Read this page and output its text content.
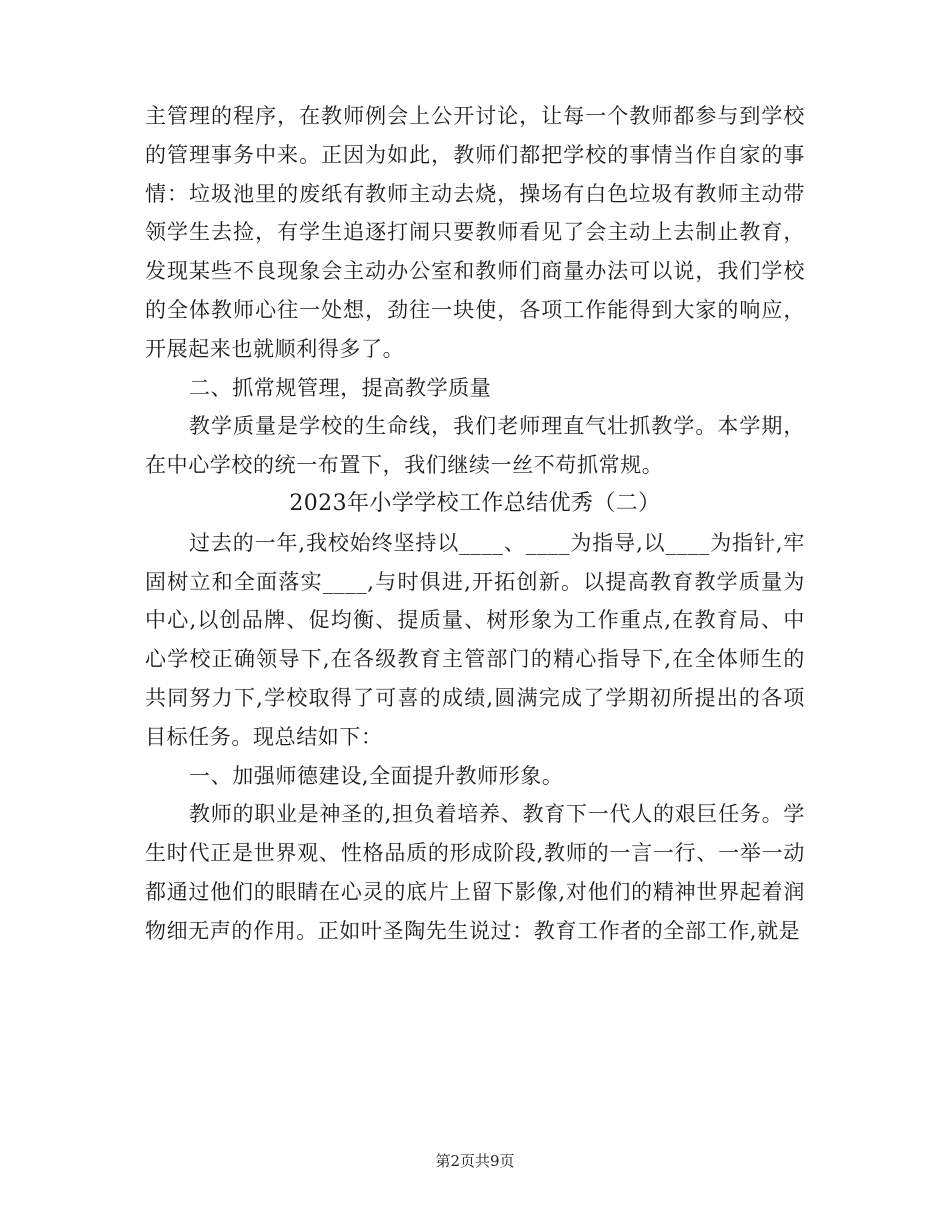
主管理的程序，在教师例会上公开讨论，让每一个教师都参与到学校的管理事务中来。正因为如此，教师们都把学校的事情当作自家的事情：垃圾池里的废纸有教师主动去烧，操场有白色垃圾有教师主动带领学生去捡，有学生追逐打闹只要教师看见了会主动上去制止教育，发现某些不良现象会主动办公室和教师们商量办法可以说，我们学校的全体教师心往一处想，劲往一块使，各项工作能得到大家的响应，开展起来也就顺利得多了。

二、抓常规管理，提高教学质量

教学质量是学校的生命线，我们老师理直气壮抓教学。本学期，在中心学校的统一布置下，我们继续一丝不苟抓常规。

2023年小学学校工作总结优秀（二）

过去的一年,我校始终坚持以____、____为指导,以____为指针,牢固树立和全面落实____,与时俱进,开拓创新。以提高教育教学质量为中心,以创品牌、促均衡、提质量、树形象为工作重点,在教育局、中心学校正确领导下,在各级教育主管部门的精心指导下,在全体师生的共同努力下,学校取得了可喜的成绩,圆满完成了学期初所提出的各项目标任务。现总结如下：

一、加强师德建设,全面提升教师形象。

教师的职业是神圣的,担负着培养、教育下一代人的艰巨任务。学生时代正是世界观、性格品质的形成阶段,教师的一言一行、一举一动都通过他们的眼睛在心灵的底片上留下影像,对他们的精神世界起着润物细无声的作用。正如叶圣陶先生说过：教育工作者的全部工作,就是

第2页共9页
